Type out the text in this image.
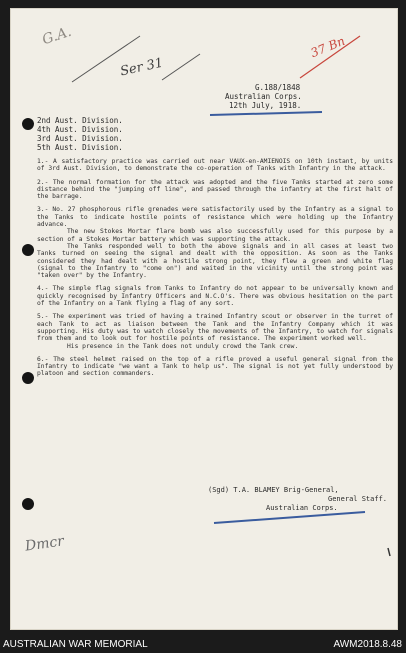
G.A.
Ser 31
37 Bn
Dmcr
G.188/1848
Australian Corps.
12th July, 1918.
2nd Aust. Division.
4th Aust. Division.
3rd Aust. Division.
5th Aust. Division.

1.- A satisfactory practice was carried out near VAUX-en-AMIENOIS on 10th instant, by units of 3rd Aust. Division, to demonstrate the co-operation of Tanks with Infantry in the attack.

2.- The normal formation for the attack was adopted and the five Tanks started at zero some distance behind the "jumping off line", and passed through the infantry at the first halt of the barrage.

3.- No. 27 phosphorous rifle grenades were satisfactorily used by the Infantry as a signal to the Tanks to indicate hostile points of resistance which were holding up the Infantry advance.

The new Stokes Mortar flare bomb was also successfully used for this purpose by a section of a Stokes Mortar battery which was supporting the attack.

The Tanks responded well to both the above signals and in all cases at least two Tanks turned on seeing the signal and dealt with the opposition. As soon as the Tanks considered they had dealt with a hostile strong point, they flew a green and white flag (signal to the Infantry to "come on") and waited in the vicinity until the strong point was "taken over" by the Infantry.

4.- The simple flag signals from Tanks to Infantry do not appear to be universally known and quickly recognised by Infantry Officers and N.C.O's. There was obvious hesitation on the part of the Infantry on a Tank flying a flag of any sort.

5.- The experiment was tried of having a trained Infantry scout or observer in the turret of each Tank to act as liaison between the Tank and the Infantry Company which it was supporting. His duty was to watch closely the movements of the Infantry, to watch for signals from them and to look out for hostile points of resistance. The experiment worked well.

His presence in the Tank does not unduly crowd the Tank crew.

6.- The steel helmet raised on the top of a rifle proved a useful general signal from the Infantry to indicate "we want a Tank to help us". The signal is not yet fully understood by platoon and section commanders.

(Sgd) T.A. BLAMEY Brig-General,
General Staff.
Australian Corps.
AUSTRALIAN WAR MEMORIAL	AWM2018.8.48
